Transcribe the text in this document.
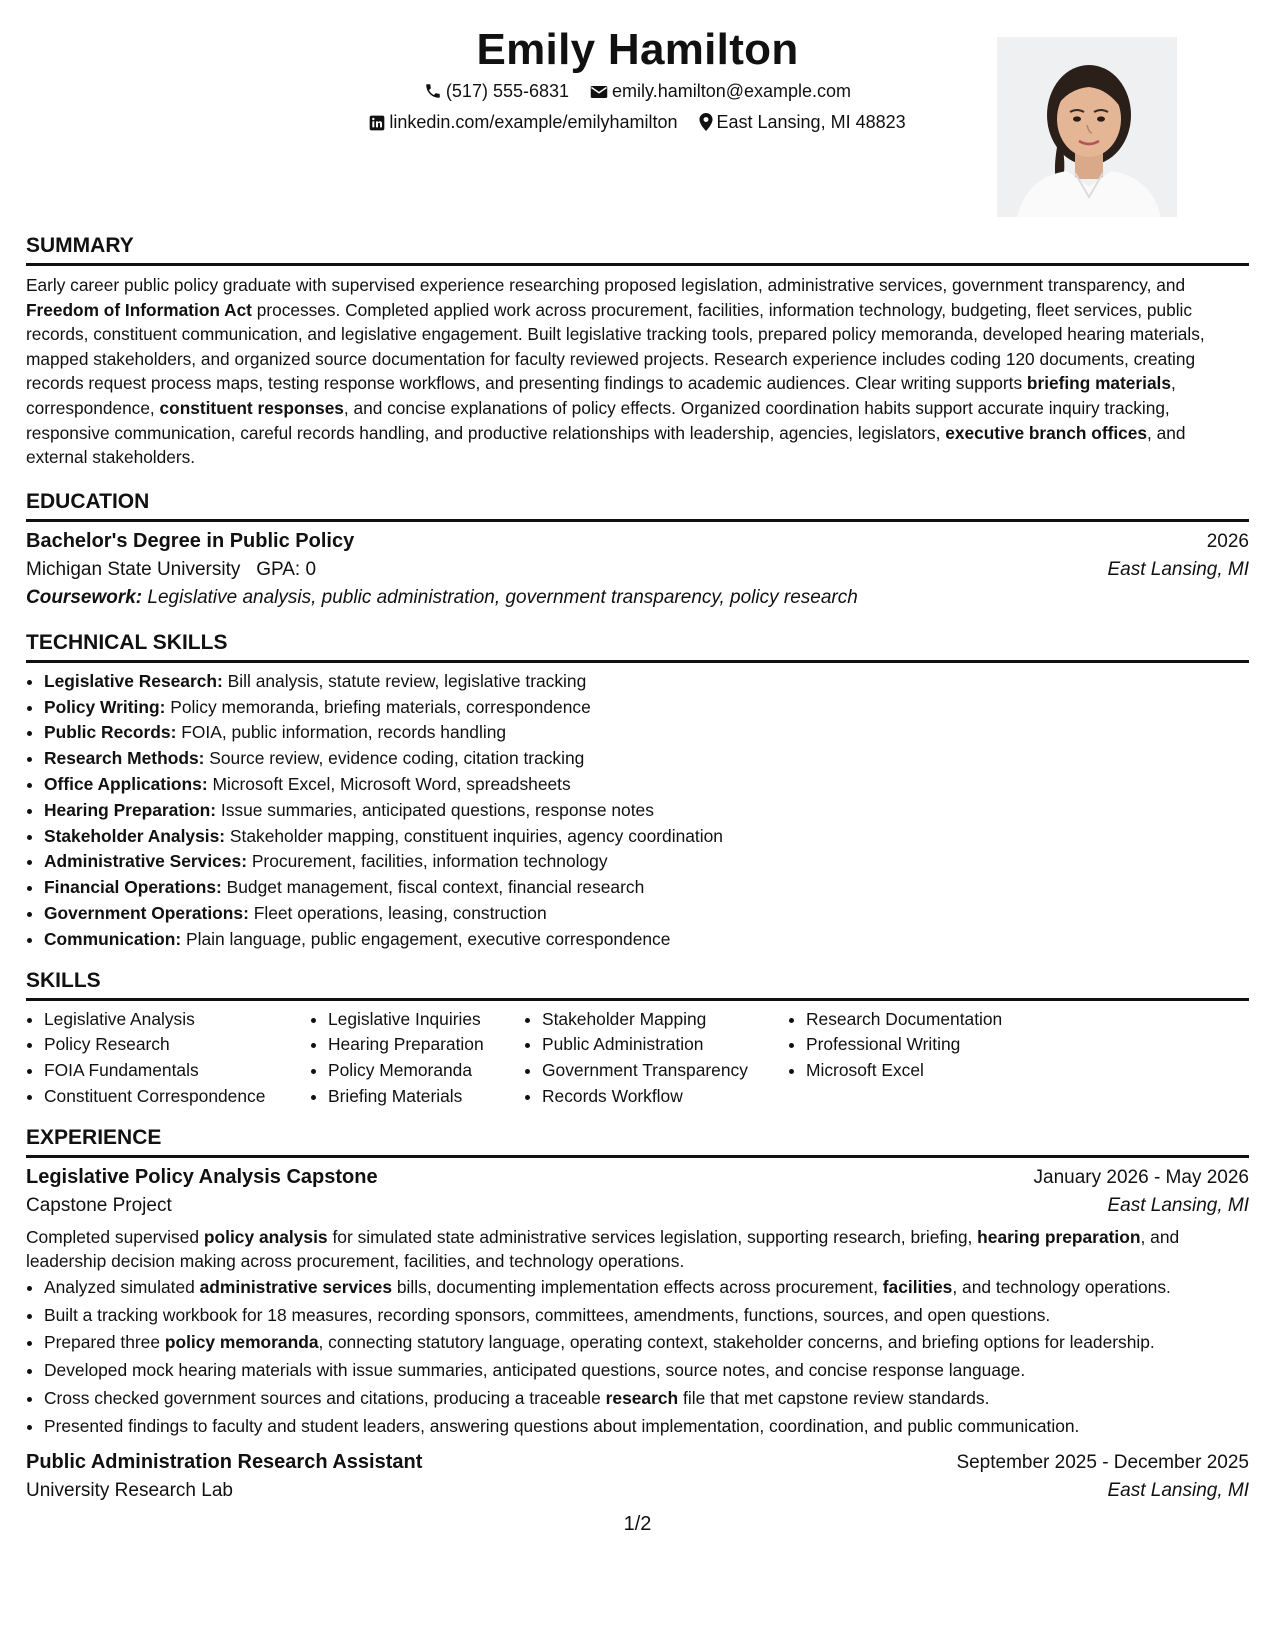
Emily Hamilton
(517) 555-6831 emily.hamilton@example.com
linkedin.com/example/emilyhamilton East Lansing, MI 48823
SUMMARY
Early career public policy graduate with supervised experience researching proposed legislation, administrative services, government transparency, and Freedom of Information Act processes. Completed applied work across procurement, facilities, information technology, budgeting, fleet services, public records, constituent communication, and legislative engagement. Built legislative tracking tools, prepared policy memoranda, developed hearing materials, mapped stakeholders, and organized source documentation for faculty reviewed projects. Research experience includes coding 120 documents, creating records request process maps, testing response workflows, and presenting findings to academic audiences. Clear writing supports briefing materials, correspondence, constituent responses, and concise explanations of policy effects. Organized coordination habits support accurate inquiry tracking, responsive communication, careful records handling, and productive relationships with leadership, agencies, legislators, executive branch offices, and external stakeholders.
EDUCATION
Bachelor's Degree in Public Policy	2026
Michigan State University GPA: 0	East Lansing, MI
Coursework: Legislative analysis, public administration, government transparency, policy research
TECHNICAL SKILLS
• Legislative Research: Bill analysis, statute review, legislative tracking
• Policy Writing: Policy memoranda, briefing materials, correspondence
• Public Records: FOIA, public information, records handling
• Research Methods: Source review, evidence coding, citation tracking
• Office Applications: Microsoft Excel, Microsoft Word, spreadsheets
• Hearing Preparation: Issue summaries, anticipated questions, response notes
• Stakeholder Analysis: Stakeholder mapping, constituent inquiries, agency coordination
• Administrative Services: Procurement, facilities, information technology
• Financial Operations: Budget management, fiscal context, financial research
• Government Operations: Fleet operations, leasing, construction
• Communication: Plain language, public engagement, executive correspondence
SKILLS
• Legislative Analysis
• Policy Research
• FOIA Fundamentals
• Constituent Correspondence
• Legislative Inquiries
• Hearing Preparation
• Policy Memoranda
• Briefing Materials
• Stakeholder Mapping
• Public Administration
• Government Transparency
• Records Workflow
• Research Documentation
• Professional Writing
• Microsoft Excel
EXPERIENCE
Legislative Policy Analysis Capstone	January 2026 - May 2026
Capstone Project	East Lansing, MI
Completed supervised policy analysis for simulated state administrative services legislation, supporting research, briefing, hearing preparation, and leadership decision making across procurement, facilities, and technology operations.
• Analyzed simulated administrative services bills, documenting implementation effects across procurement, facilities, and technology operations.
• Built a tracking workbook for 18 measures, recording sponsors, committees, amendments, functions, sources, and open questions.
• Prepared three policy memoranda, connecting statutory language, operating context, stakeholder concerns, and briefing options for leadership.
• Developed mock hearing materials with issue summaries, anticipated questions, source notes, and concise response language.
• Cross checked government sources and citations, producing a traceable research file that met capstone review standards.
• Presented findings to faculty and student leaders, answering questions about implementation, coordination, and public communication.
Public Administration Research Assistant	September 2025 - December 2025
University Research Lab	East Lansing, MI
1/2
